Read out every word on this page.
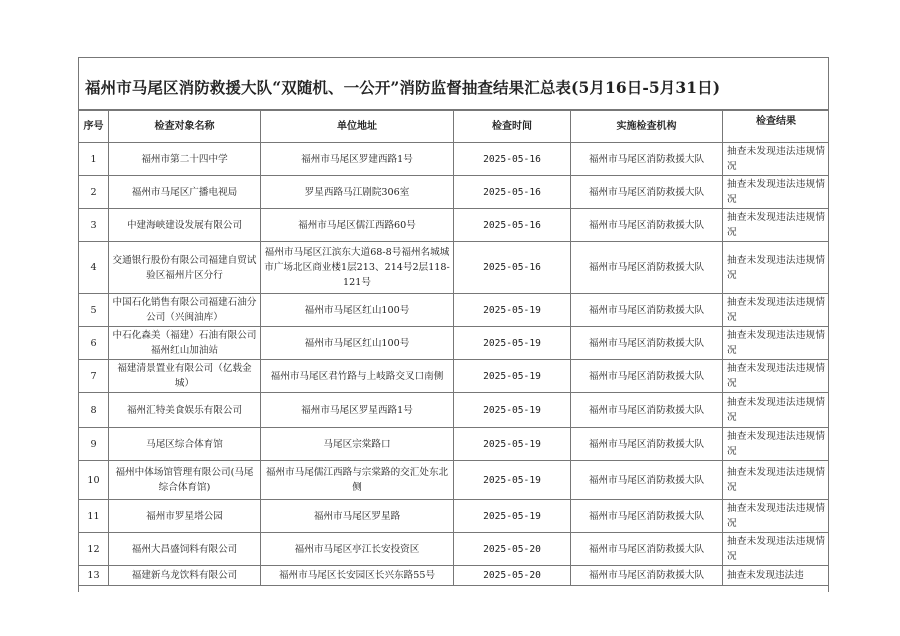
福州市马尾区消防救援大队“双随机、一公开”消防监督抽查结果汇总表(5月16日-5月31日)
序号	检查对象名称	单位地址	检查时间	实施检查机构	检查结果
1	福州市第二十四中学	福州市马尾区罗建西路1号	2025-05-16	福州市马尾区消防救援大队	抽查未发现违法违规情况
2	福州市马尾区广播电视局	罗星西路马江剧院306室	2025-05-16	福州市马尾区消防救援大队	抽查未发现违法违规情况
3	中建海峡建设发展有限公司	福州市马尾区儒江西路60号	2025-05-16	福州市马尾区消防救援大队	抽查未发现违法违规情况
4	交通银行股份有限公司福建自贸试验区福州片区分行	福州市马尾区江滨东大道68-8号福州名城城市广场北区商业楼1层213、214号2层118-121号	2025-05-16	福州市马尾区消防救援大队	抽查未发现违法违规情况
5	中国石化销售有限公司福建石油分公司（兴闽油库）	福州市马尾区红山100号	2025-05-19	福州市马尾区消防救援大队	抽查未发现违法违规情况
6	中石化森美（福建）石油有限公司福州红山加油站	福州市马尾区红山100号	2025-05-19	福州市马尾区消防救援大队	抽查未发现违法违规情况
7	福建清景置业有限公司（亿载金城）	福州市马尾区君竹路与上岐路交叉口南侧	2025-05-19	福州市马尾区消防救援大队	抽查未发现违法违规情况
8	福州汇特美食娱乐有限公司	福州市马尾区罗星西路1号	2025-05-19	福州市马尾区消防救援大队	抽查未发现违法违规情况
9	马尾区综合体育馆	马尾区宗棠路口	2025-05-19	福州市马尾区消防救援大队	抽查未发现违法违规情况
10	福州中体场馆管理有限公司(马尾综合体育馆)	福州市马尾儒江西路与宗棠路的交汇处东北侧	2025-05-19	福州市马尾区消防救援大队	抽查未发现违法违规情况
11	福州市罗星塔公园	福州市马尾区罗星路	2025-05-19	福州市马尾区消防救援大队	抽查未发现违法违规情况
12	福州大昌盛饲料有限公司	福州市马尾区亭江长安投资区	2025-05-20	福州市马尾区消防救援大队	抽查未发现违法违规情况
13	福建新乌龙饮料有限公司	福州市马尾区长安园区长兴东路55号	2025-05-20	福州市马尾区消防救援大队	抽查未发现违法违
